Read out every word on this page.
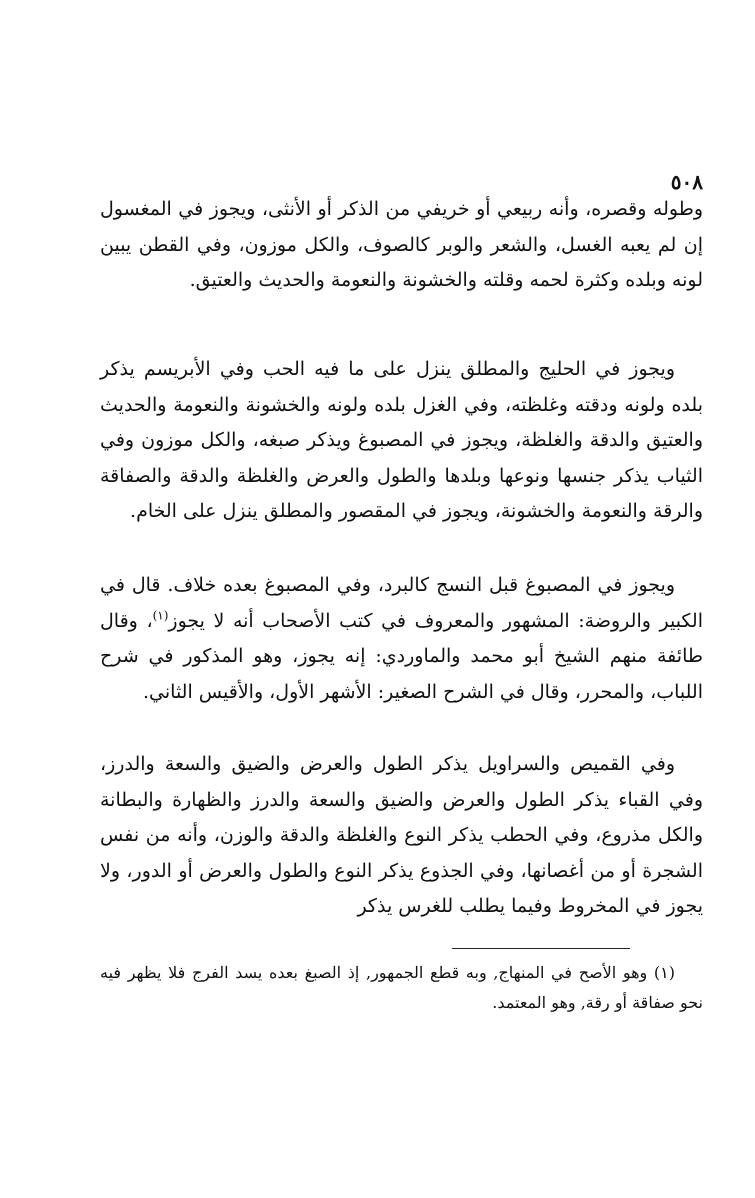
٥٠٨

وطوله وقصره، وأنه ربيعي أو خريفي من الذكر أو الأنثى، ويجوز في المغسول إن لم يعبه الغسل، والشعر والوبر كالصوف، والكل موزون، وفي القطن يبين لونه وبلده وكثرة لحمه وقلته والخشونة والنعومة والحديث والعتيق.

ويجوز في الحليج والمطلق ينزل على ما فيه الحب وفي الأبريسم يذكر بلده ولونه ودقته وغلظته، وفي الغزل بلده ولونه والخشونة والنعومة والحديث والعتيق والدقة والغلظة، ويجوز في المصبوغ ويذكر صبغه، والكل موزون وفي الثياب يذكر جنسها ونوعها وبلدها والطول والعرض والغلظة والدقة والصفاقة والرقة والنعومة والخشونة، ويجوز في المقصور والمطلق ينزل على الخام.

ويجوز في المصبوغ قبل النسج كالبرد، وفي المصبوغ بعده خلاف. قال في الكبير والروضة: المشهور والمعروف في كتب الأصحاب أنه لا يجوز$^{(١)}$، وقال طائفة منهم الشيخ أبو محمد والماوردي: إنه يجوز، وهو المذكور في شرح اللباب، والمحرر، وقال في الشرح الصغير: الأشهر الأول، والأقيس الثاني.

وفي القميص والسراويل يذكر الطول والعرض والضيق والسعة والدرز، وفي القباء يذكر الطول والعرض والضيق والسعة والدرز والظهارة والبطانة والكل مذروع، وفي الحطب يذكر النوع والغلظة والدقة والوزن، وأنه من نفس الشجرة أو من أغصانها، وفي الجذوع يذكر النوع والطول والعرض أو الدور، ولا يجوز في المخروط وفيما يطلب للغرس يذكر

(١) وهو الأصح في المنهاج, وبه قطع الجمهور, إذ الصبغ بعده يسد الفرج فلا يظهر فيه نحو صفاقة أو رقة, وهو المعتمد.
